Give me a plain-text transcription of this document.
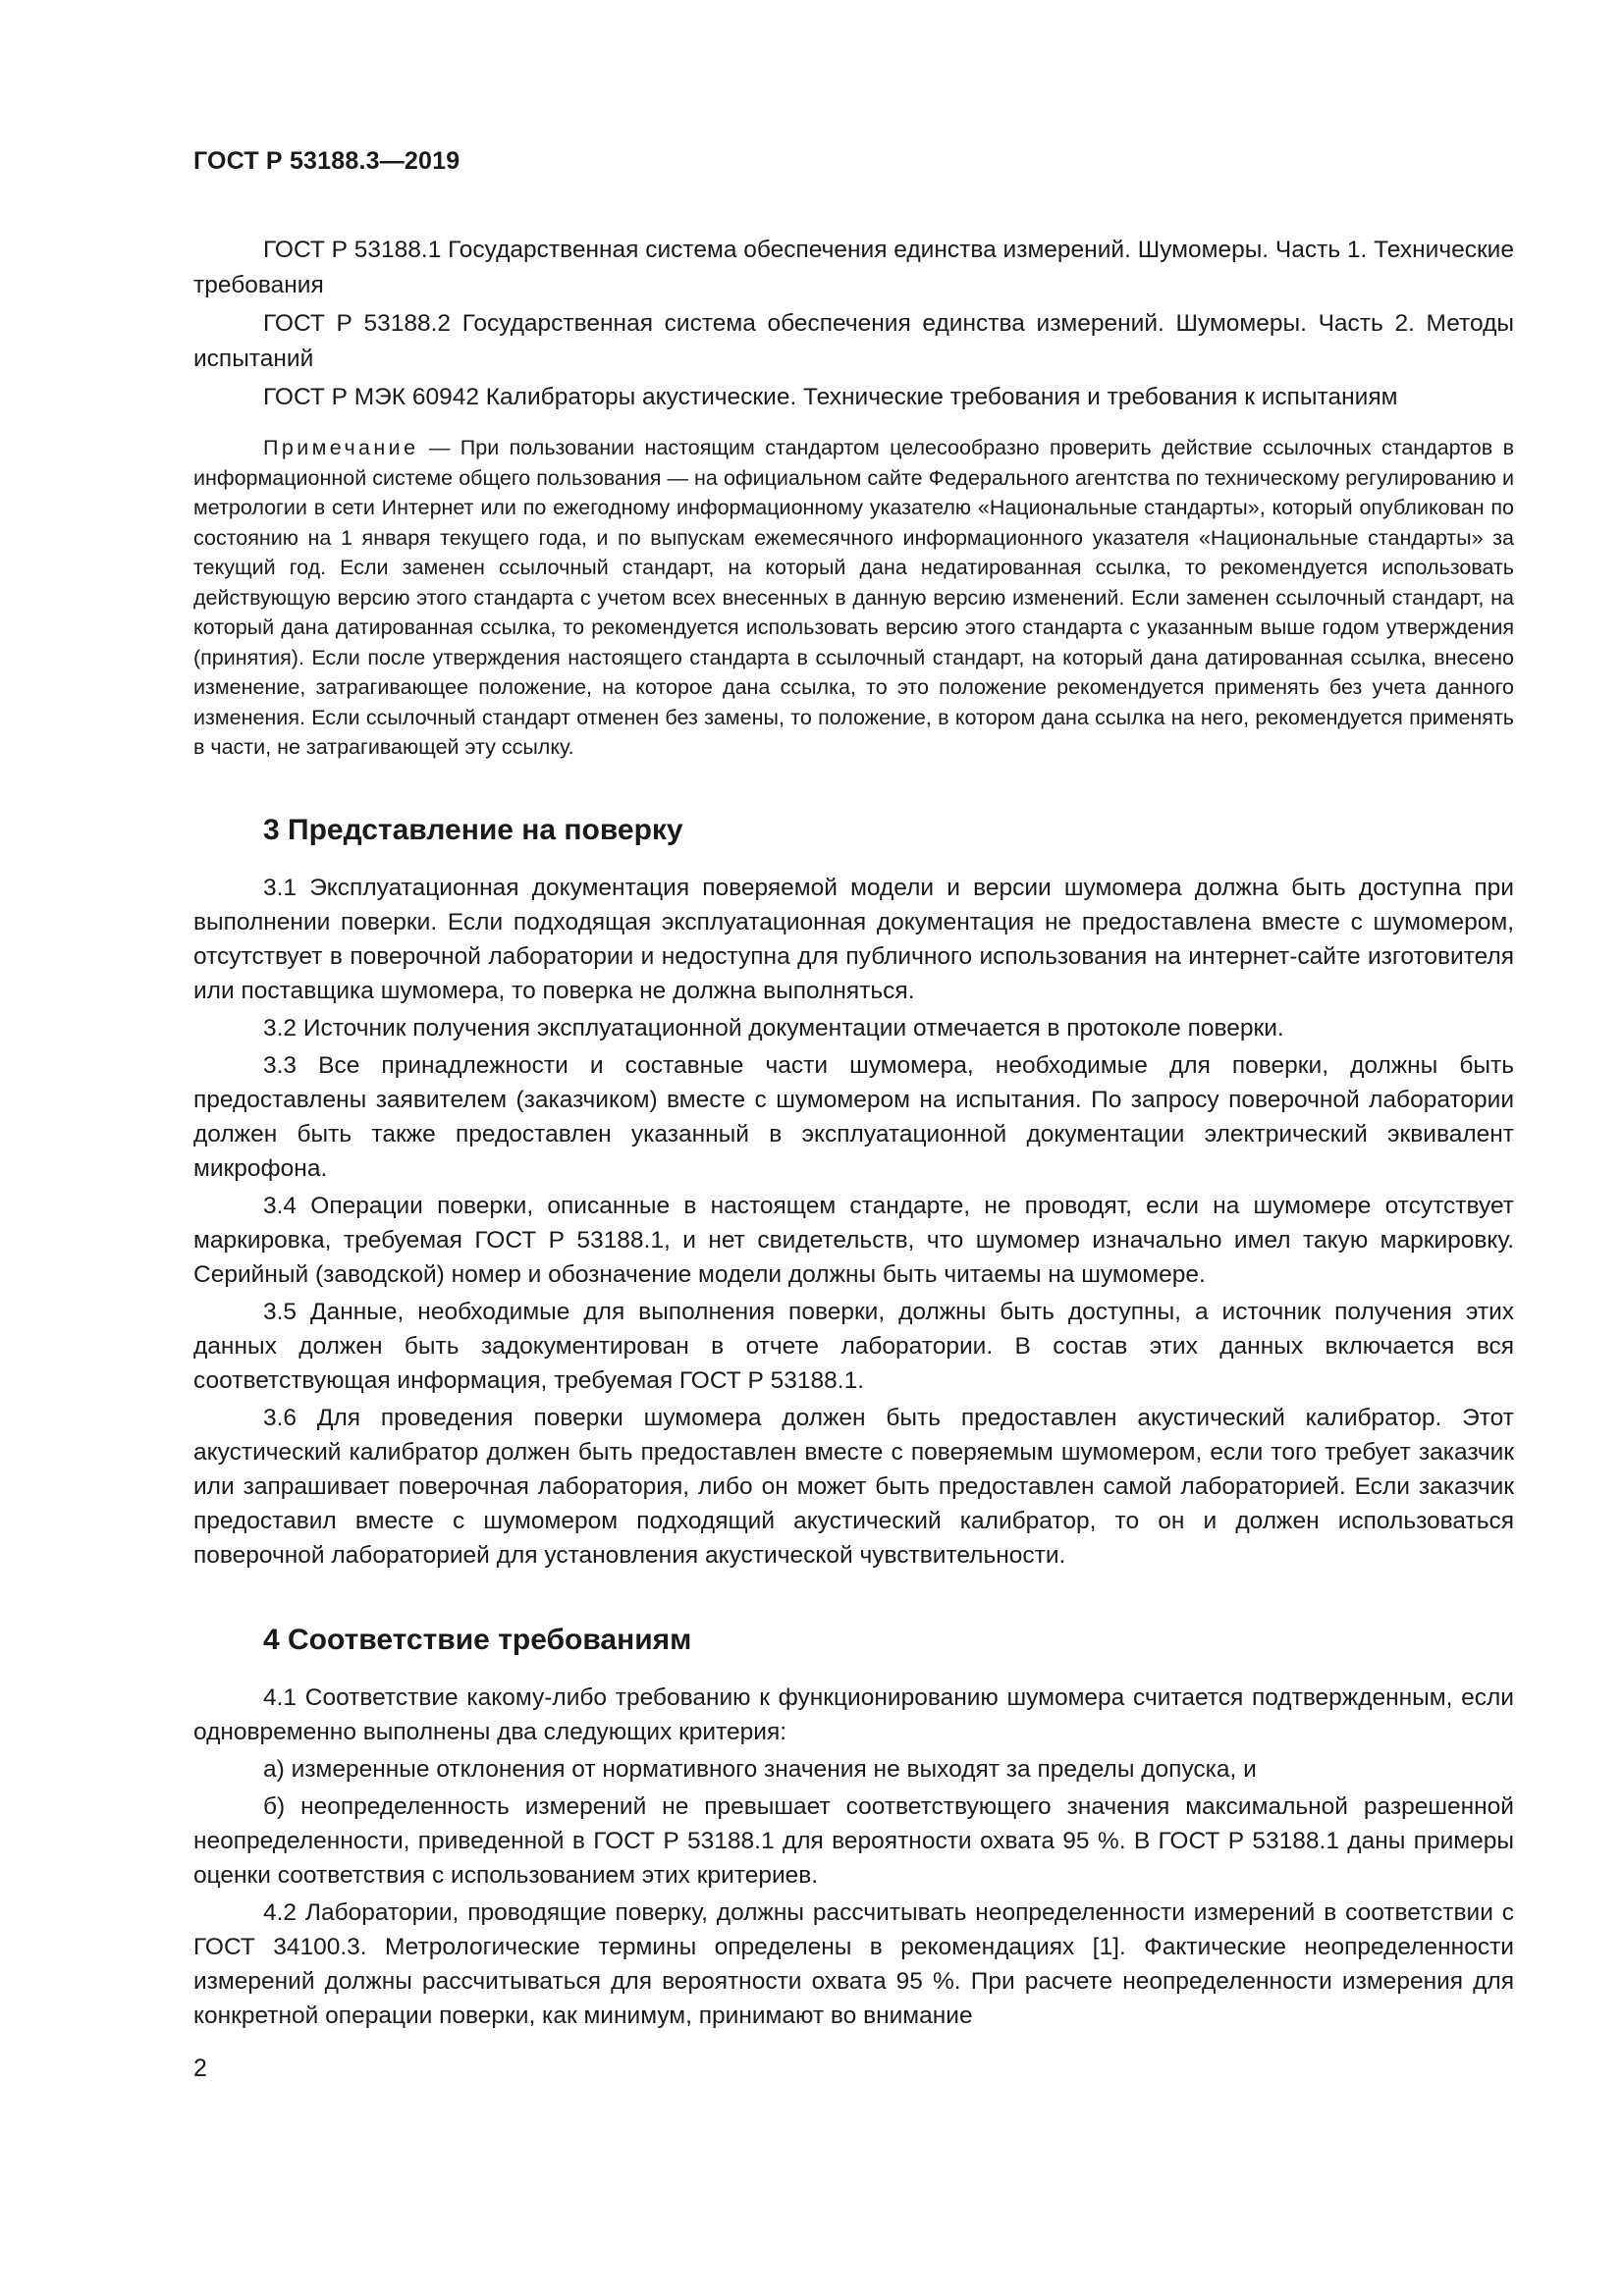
ГОСТ Р 53188.3—2019

ГОСТ Р 53188.1 Государственная система обеспечения единства измерений. Шумомеры. Часть 1. Технические требования

ГОСТ Р 53188.2 Государственная система обеспечения единства измерений. Шумомеры. Часть 2. Методы испытаний

ГОСТ Р МЭК 60942 Калибраторы акустические. Технические требования и требования к испытаниям

Примечание — При пользовании настоящим стандартом целесообразно проверить действие ссылочных стандартов в информационной системе общего пользования — на официальном сайте Федерального агентства по техническому регулированию и метрологии в сети Интернет или по ежегодному информационному указателю «Национальные стандарты», который опубликован по состоянию на 1 января текущего года, и по выпускам ежемесячного информационного указателя «Национальные стандарты» за текущий год. Если заменен ссылочный стандарт, на который дана недатированная ссылка, то рекомендуется использовать действующую версию этого стандарта с учетом всех внесенных в данную версию изменений. Если заменен ссылочный стандарт, на который дана датированная ссылка, то рекомендуется использовать версию этого стандарта с указанным выше годом утверждения (принятия). Если после утверждения настоящего стандарта в ссылочный стандарт, на который дана датированная ссылка, внесено изменение, затрагивающее положение, на которое дана ссылка, то это положение рекомендуется применять без учета данного изменения. Если ссылочный стандарт отменен без замены, то положение, в котором дана ссылка на него, рекомендуется применять в части, не затрагивающей эту ссылку.

3 Представление на поверку

3.1 Эксплуатационная документация поверяемой модели и версии шумомера должна быть доступна при выполнении поверки. Если подходящая эксплуатационная документация не предоставлена вместе с шумомером, отсутствует в поверочной лаборатории и недоступна для публичного использования на интернет-сайте изготовителя или поставщика шумомера, то поверка не должна выполняться.

3.2 Источник получения эксплуатационной документации отмечается в протоколе поверки.

3.3 Все принадлежности и составные части шумомера, необходимые для поверки, должны быть предоставлены заявителем (заказчиком) вместе с шумомером на испытания. По запросу поверочной лаборатории должен быть также предоставлен указанный в эксплуатационной документации электрический эквивалент микрофона.

3.4 Операции поверки, описанные в настоящем стандарте, не проводят, если на шумомере отсутствует маркировка, требуемая ГОСТ Р 53188.1, и нет свидетельств, что шумомер изначально имел такую маркировку. Серийный (заводской) номер и обозначение модели должны быть читаемы на шумомере.

3.5 Данные, необходимые для выполнения поверки, должны быть доступны, а источник получения этих данных должен быть задокументирован в отчете лаборатории. В состав этих данных включается вся соответствующая информация, требуемая ГОСТ Р 53188.1.

3.6 Для проведения поверки шумомера должен быть предоставлен акустический калибратор. Этот акустический калибратор должен быть предоставлен вместе с поверяемым шумомером, если того требует заказчик или запрашивает поверочная лаборатория, либо он может быть предоставлен самой лабораторией. Если заказчик предоставил вместе с шумомером подходящий акустический калибратор, то он и должен использоваться поверочной лабораторией для установления акустической чувствительности.

4 Соответствие требованиям

4.1 Соответствие какому-либо требованию к функционированию шумомера считается подтвержденным, если одновременно выполнены два следующих критерия:

а) измеренные отклонения от нормативного значения не выходят за пределы допуска, и

б) неопределенность измерений не превышает соответствующего значения максимальной разрешенной неопределенности, приведенной в ГОСТ Р 53188.1 для вероятности охвата 95 %. В ГОСТ Р 53188.1 даны примеры оценки соответствия с использованием этих критериев.

4.2 Лаборатории, проводящие поверку, должны рассчитывать неопределенности измерений в соответствии с ГОСТ 34100.3. Метрологические термины определены в рекомендациях [1]. Фактические неопределенности измерений должны рассчитываться для вероятности охвата 95 %. При расчете неопределенности измерения для конкретной операции поверки, как минимум, принимают во внимание

2
